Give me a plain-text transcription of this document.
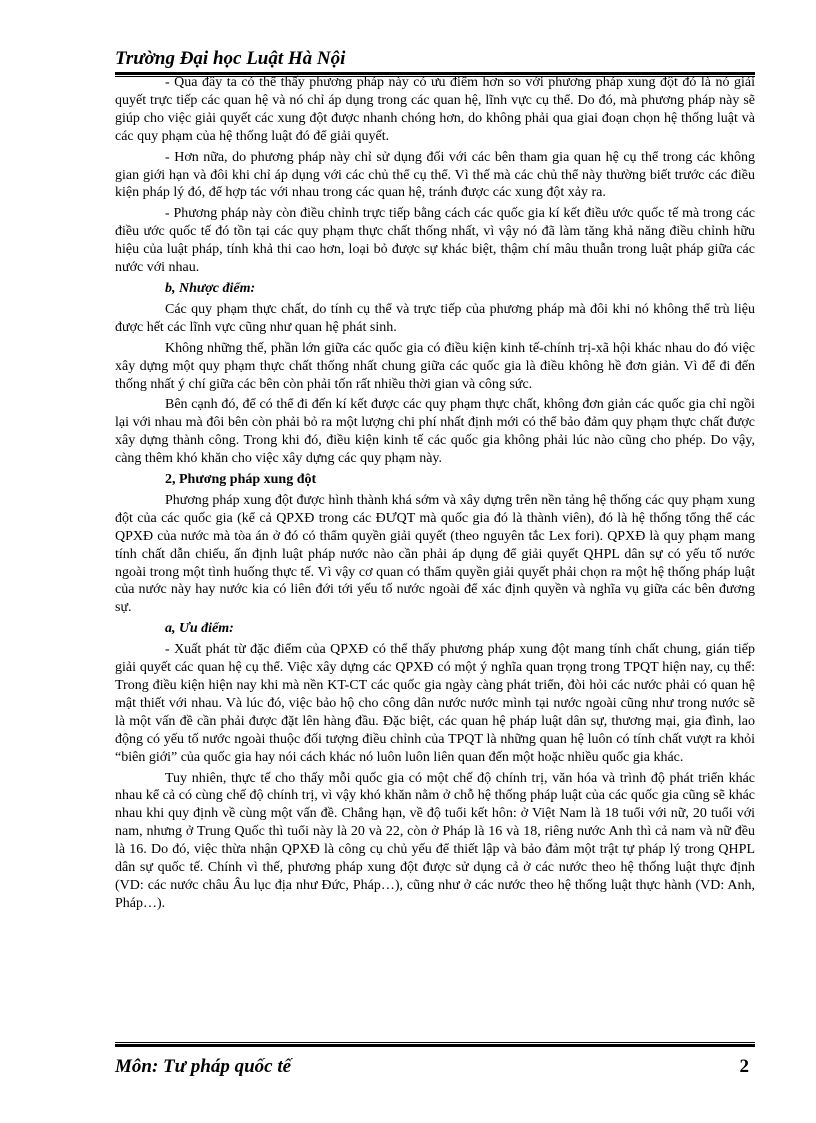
Trường Đại học Luật Hà Nội

- Qua đây ta có thể thấy phương pháp này có ưu điểm hơn so với phương pháp xung đột đó là nó giải quyết trực tiếp các quan hệ và nó chỉ áp dụng trong các quan hệ, lĩnh vực cụ thể. Do đó, mà phương pháp này sẽ giúp cho việc giải quyết các xung đột được nhanh chóng hơn, do không phải qua giai đoạn chọn hệ thống luật và các quy phạm của hệ thống luật đó để giải quyết.

- Hơn nữa, do phương pháp này chỉ sử dụng đối với các bên tham gia quan hệ cụ thể trong các không gian giới hạn và đôi khi chỉ áp dụng với các chủ thể cụ thể. Vì thế mà các chủ thể này thường biết trước các điều kiện pháp lý đó, để hợp tác với nhau trong các quan hệ, tránh được các xung đột xảy ra.

- Phương pháp này còn điều chỉnh trực tiếp bằng cách các quốc gia kí kết điều ước quốc tế mà trong các điều ước quốc tế đó tồn tại các quy phạm thực chất thống nhất, vì vậy nó đã làm tăng khả năng điều chỉnh hữu hiệu của luật pháp, tính khả thi cao hơn, loại bỏ được sự khác biệt, thậm chí mâu thuẫn trong luật pháp giữa các nước với nhau.

b, Nhược điểm:

Các quy phạm thực chất, do tính cụ thể và trực tiếp của phương pháp mà đôi khi nó không thể trù liệu được hết các lĩnh vực cũng như quan hệ phát sinh.

Không những thế, phần lớn giữa các quốc gia có điều kiện kinh tế-chính trị-xã hội khác nhau do đó việc xây dựng một quy phạm thực chất thống nhất chung giữa các quốc gia là điều không hề đơn giản. Vì để đi đến thống nhất ý chí giữa các bên còn phải tốn rất nhiều thời gian và công sức.

Bên cạnh đó, để có thể đi đến kí kết được các quy phạm thực chất, không đơn giản các quốc gia chỉ ngồi lại với nhau mà đôi bên còn phải bỏ ra một lượng chi phí nhất định mới có thể bảo đảm quy phạm thực chất được xây dựng thành công. Trong khi đó, điều kiện kinh tế các quốc gia không phải lúc nào cũng cho phép. Do vậy, càng thêm khó khăn cho việc xây dựng các quy phạm này.

2, Phương pháp xung đột

Phương pháp xung đột được hình thành khá sớm và xây dựng trên nền tảng hệ thống các quy phạm xung đột của các quốc gia (kể cả QPXĐ trong các ĐƯQT mà quốc gia đó là thành viên), đó là hệ thống tổng thể các QPXĐ của nước mà tòa án ở đó có thẩm quyền giải quyết (theo nguyên tắc Lex fori). QPXĐ là quy phạm mang tính chất dẫn chiếu, ấn định luật pháp nước nào cần phải áp dụng để giải quyết QHPL dân sự có yếu tố nước ngoài trong một tình huống thực tế. Vì vậy cơ quan có thẩm quyền giải quyết phải chọn ra một hệ thống pháp luật của nước này hay nước kia có liên đới tới yếu tố nước ngoài để xác định quyền và nghĩa vụ giữa các bên đương sự.

a, Ưu điểm:

- Xuất phát từ đặc điểm của QPXĐ có thể thấy phương pháp xung đột mang tính chất chung, gián tiếp giải quyết các quan hệ cụ thể. Việc xây dựng các QPXĐ có một ý nghĩa quan trọng trong TPQT hiện nay, cụ thể: Trong điều kiện hiện nay khi mà nền KT-CT các quốc gia ngày càng phát triển, đòi hỏi các nước phải có quan hệ mật thiết với nhau. Và lúc đó, việc bảo hộ cho công dân nước nước mình tại nước ngoài cũng như trong nước sẽ là một vấn đề cần phải được đặt lên hàng đầu. Đặc biệt, các quan hệ pháp luật dân sự, thương mại, gia đình, lao động có yếu tố nước ngoài thuộc đối tượng điều chỉnh của TPQT là những quan hệ luôn có tính chất vượt ra khỏi “biên giới” của quốc gia hay nói cách khác nó luôn luôn liên quan đến một hoặc nhiều quốc gia khác.

Tuy nhiên, thực tế cho thấy mỗi quốc gia có một chế độ chính trị, văn hóa và trình độ phát triển khác nhau kể cả có cùng chế độ chính trị, vì vậy khó khăn nằm ở chỗ hệ thống pháp luật của các quốc gia cũng sẽ khác nhau khi quy định về cùng một vấn đề. Chẳng hạn, về độ tuổi kết hôn: ở Việt Nam là 18 tuổi với nữ, 20 tuổi với nam, nhưng ở Trung Quốc thì tuổi này là 20 và 22, còn ở Pháp là 16 và 18, riêng nước Anh thì cả nam và nữ đều là 16. Do đó, việc thừa nhận QPXĐ là công cụ chủ yếu để thiết lập và bảo đảm một trật tự pháp lý trong QHPL dân sự quốc tế. Chính vì thế, phương pháp xung đột được sử dụng cả ở các nước theo hệ thống luật thực định (VD: các nước châu Âu lục địa như Đức, Pháp…), cũng như ở các nước theo hệ thống luật thực hành (VD: Anh, Pháp…).

Môn: Tư pháp quốc tế	2
